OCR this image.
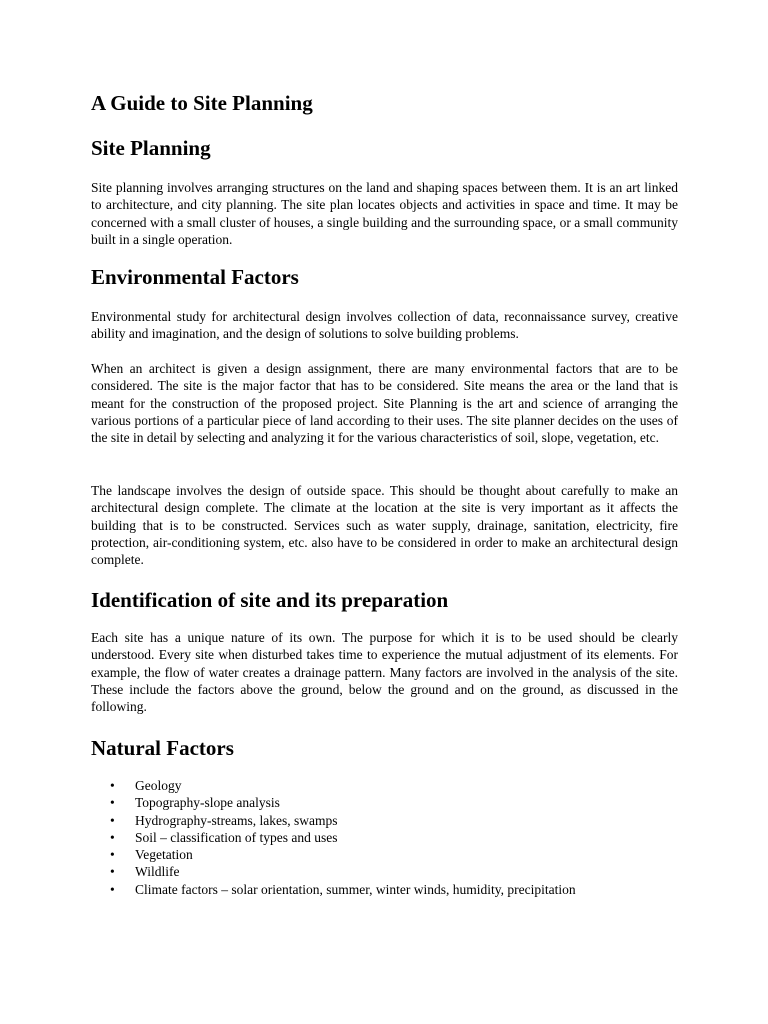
A Guide to Site Planning
Site Planning

Site planning involves arranging structures on the land and shaping spaces between them. It is an art linked to architecture, and city planning. The site plan locates objects and activities in space and time. It may be concerned with a small cluster of houses, a single building and the surrounding space, or a small community built in a single operation.

Environmental Factors

Environmental study for architectural design involves collection of data, reconnaissance survey, creative ability and imagination, and the design of solutions to solve building problems.

When an architect is given a design assignment, there are many environmental factors that are to be considered. The site is the major factor that has to be considered. Site means the area or the land that is meant for the construction of the proposed project. Site Planning is the art and science of arranging the various portions of a particular piece of land according to their uses. The site planner decides on the uses of the site in detail by selecting and analyzing it for the various characteristics of soil, slope, vegetation, etc.

The landscape involves the design of outside space. This should be thought about carefully to make an architectural design complete. The climate at the location at the site is very important as it affects the building that is to be constructed. Services such as water supply, drainage, sanitation, electricity, fire protection, air-conditioning system, etc. also have to be considered in order to make an architectural design complete.

Identification of site and its preparation

Each site has a unique nature of its own. The purpose for which it is to be used should be clearly understood. Every site when disturbed takes time to experience the mutual adjustment of its elements. For example, the flow of water creates a drainage pattern. Many factors are involved in the analysis of the site. These include the factors above the ground, below the ground and on the ground, as discussed in the following.

Natural Factors
• Geology
• Topography-slope analysis
• Hydrography-streams, lakes, swamps
• Soil – classification of types and uses
• Vegetation
• Wildlife
• Climate factors – solar orientation, summer, winter winds, humidity, precipitation
